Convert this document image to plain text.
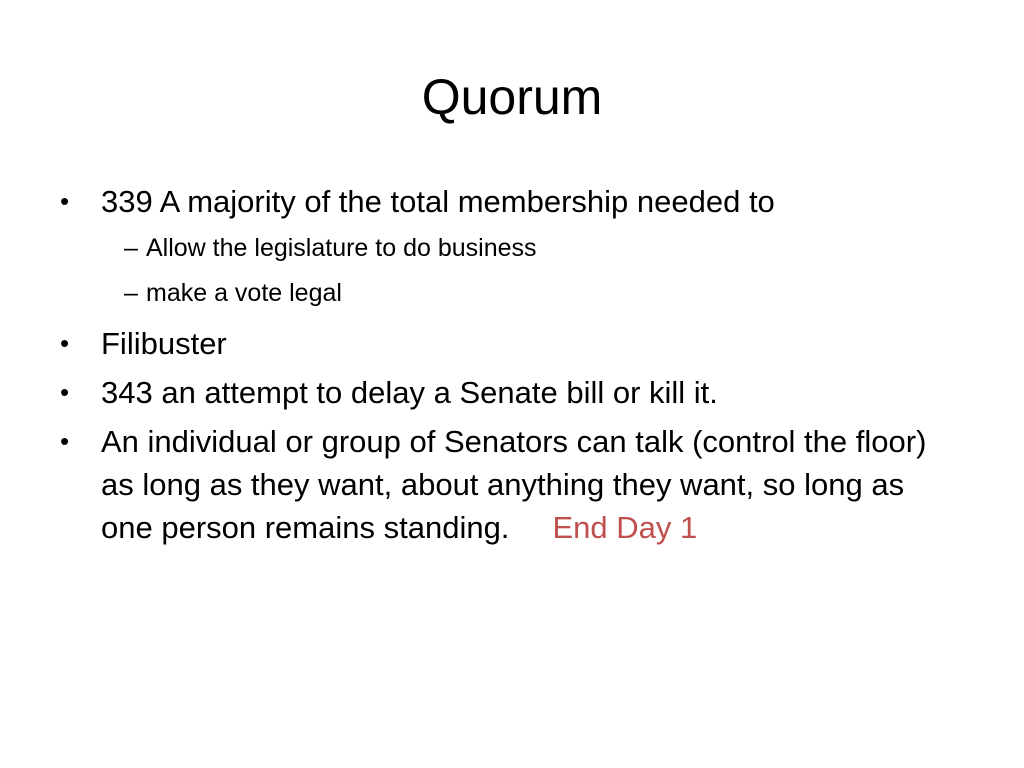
Quorum
•	339 A majority of the total membership needed to
– Allow the legislature to do business
– make a vote legal
•	Filibuster
•	343 an attempt to delay a Senate bill or kill it.
•	An individual or group of Senators can talk (control the floor) as long as they want, about anything they want, so long as one person remains standing. End Day 1
